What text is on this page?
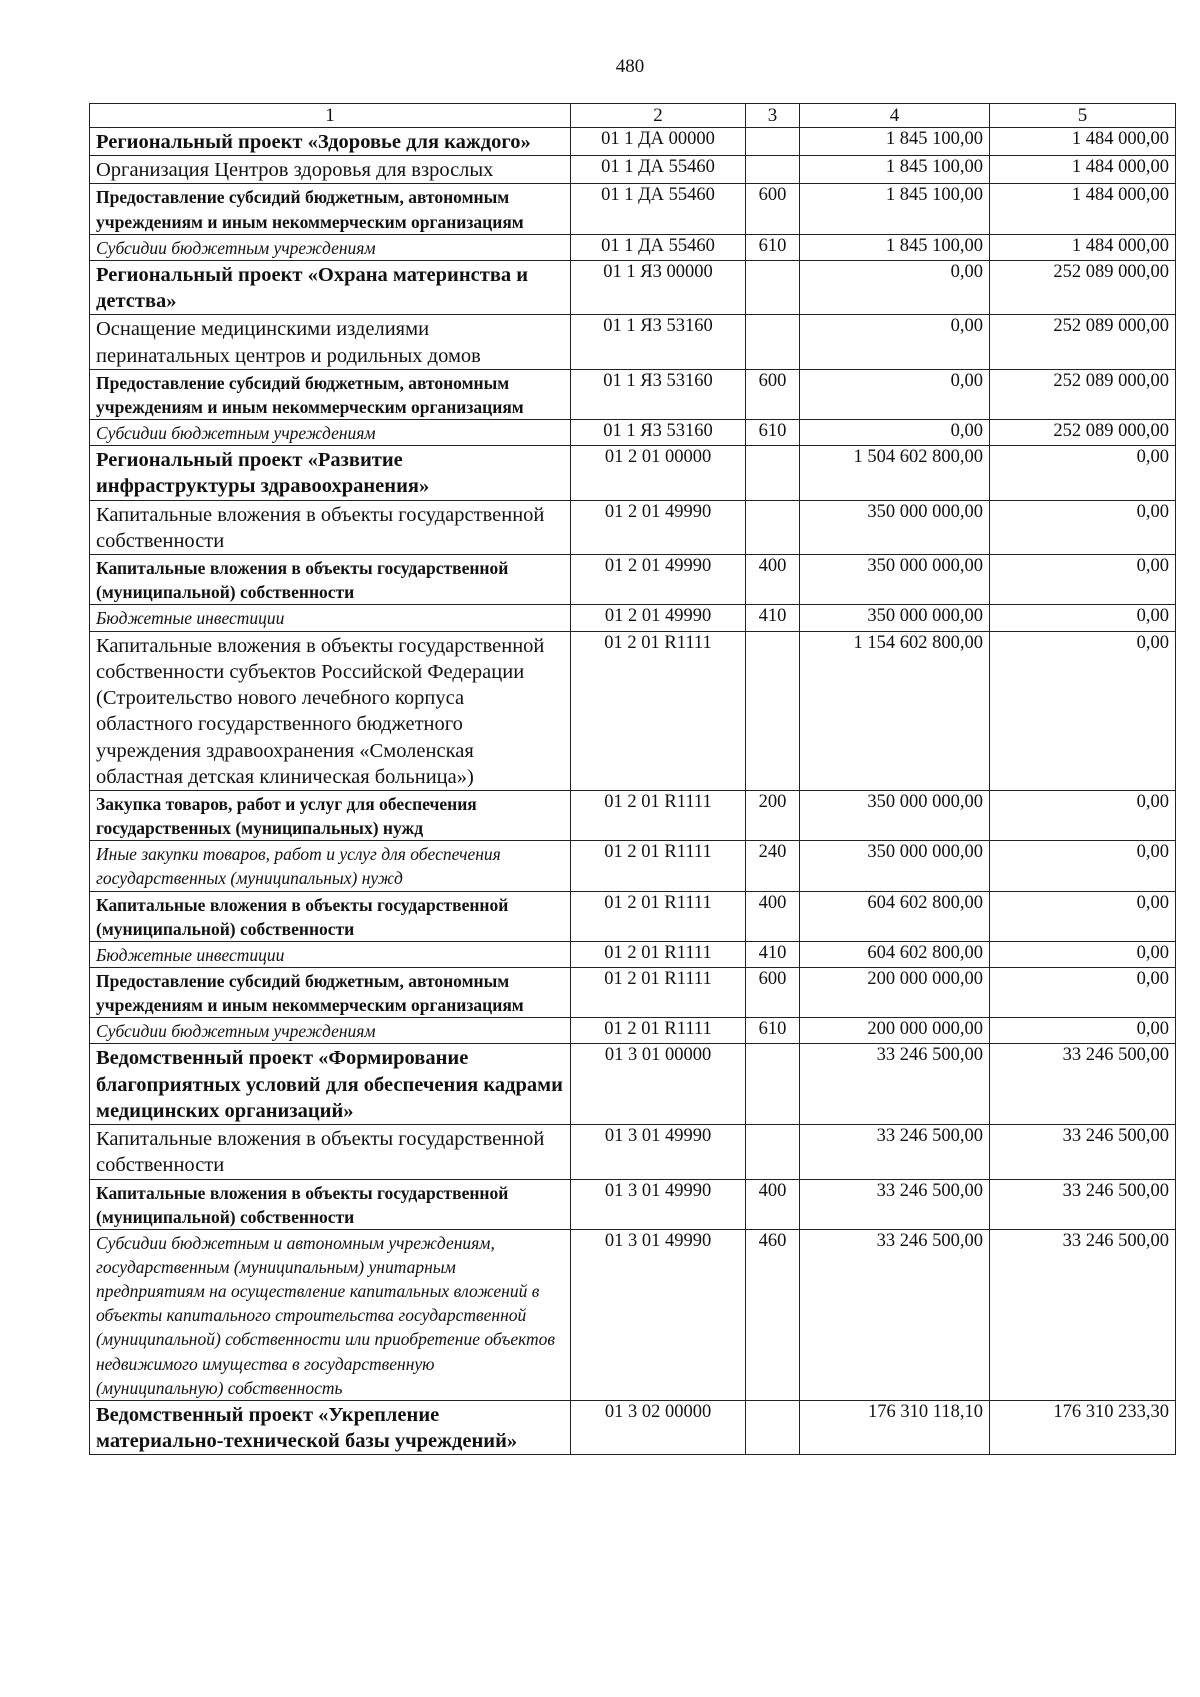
480
1	2	3	4	5
Региональный проект «Здоровье для каждого»	01 1 ДА 00000		1 845 100,00	1 484 000,00
Организация Центров здоровья для взрослых	01 1 ДА 55460		1 845 100,00	1 484 000,00
Предоставление субсидий бюджетным, автономным учреждениям и иным некоммерческим организациям	01 1 ДА 55460	600	1 845 100,00	1 484 000,00
Субсидии бюджетным учреждениям	01 1 ДА 55460	610	1 845 100,00	1 484 000,00
Региональный проект «Охрана материнства и детства»	01 1 Я3 00000		0,00	252 089 000,00
Оснащение медицинскими изделиями перинатальных центров и родильных домов	01 1 Я3 53160		0,00	252 089 000,00
Предоставление субсидий бюджетным, автономным учреждениям и иным некоммерческим организациям	01 1 Я3 53160	600	0,00	252 089 000,00
Субсидии бюджетным учреждениям	01 1 Я3 53160	610	0,00	252 089 000,00
Региональный проект «Развитие инфраструктуры здравоохранения»	01 2 01 00000		1 504 602 800,00	0,00
Капитальные вложения в объекты государственной собственности	01 2 01 49990		350 000 000,00	0,00
Капитальные вложения в объекты государственной (муниципальной) собственности	01 2 01 49990	400	350 000 000,00	0,00
Бюджетные инвестиции	01 2 01 49990	410	350 000 000,00	0,00
Капитальные вложения в объекты государственной собственности субъектов Российской Федерации (Строительство нового лечебного корпуса областного государственного бюджетного учреждения здравоохранения «Смоленская областная детская клиническая больница»)	01 2 01 R1111		1 154 602 800,00	0,00
Закупка товаров, работ и услуг для обеспечения государственных (муниципальных) нужд	01 2 01 R1111	200	350 000 000,00	0,00
Иные закупки товаров, работ и услуг для обеспечения государственных (муниципальных) нужд	01 2 01 R1111	240	350 000 000,00	0,00
Капитальные вложения в объекты государственной (муниципальной) собственности	01 2 01 R1111	400	604 602 800,00	0,00
Бюджетные инвестиции	01 2 01 R1111	410	604 602 800,00	0,00
Предоставление субсидий бюджетным, автономным учреждениям и иным некоммерческим организациям	01 2 01 R1111	600	200 000 000,00	0,00
Субсидии бюджетным учреждениям	01 2 01 R1111	610	200 000 000,00	0,00
Ведомственный проект «Формирование благоприятных условий для обеспечения кадрами медицинских организаций»	01 3 01 00000		33 246 500,00	33 246 500,00
Капитальные вложения в объекты государственной собственности	01 3 01 49990		33 246 500,00	33 246 500,00
Капитальные вложения в объекты государственной (муниципальной) собственности	01 3 01 49990	400	33 246 500,00	33 246 500,00
Субсидии бюджетным и автономным учреждениям, государственным (муниципальным) унитарным предприятиям на осуществление капитальных вложений в объекты капитального строительства государственной (муниципальной) собственности или приобретение объектов недвижимого имущества в государственную (муниципальную) собственность	01 3 01 49990	460	33 246 500,00	33 246 500,00
Ведомственный проект «Укрепление материально-технической базы учреждений»	01 3 02 00000		176 310 118,10	176 310 233,30
